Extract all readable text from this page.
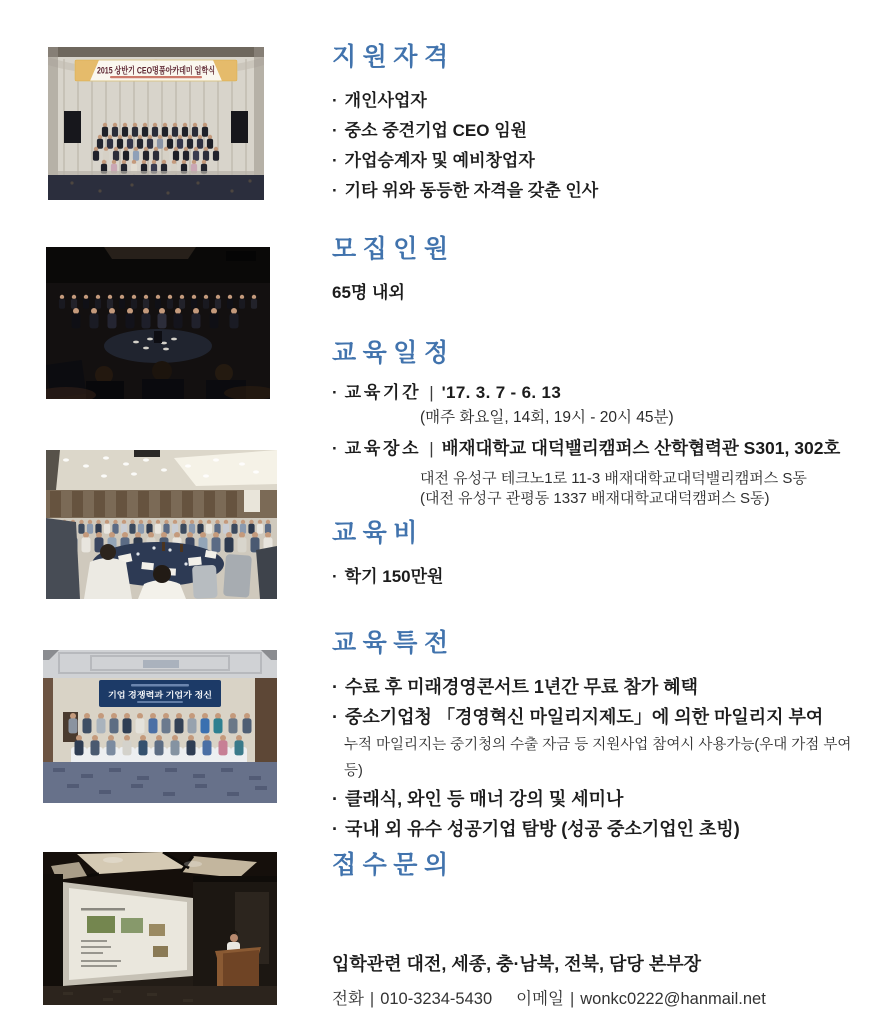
2015 상반기 CEO명품아카데미 입학식
기업 경쟁력과 기업가 정신
지원자격
· 개인사업자
· 중소 중견기업 CEO 임원
· 가업승계자 및 예비창업자
· 기타 위와 동등한 자격을 갖춘 인사
모집인원

65명 내외

교육일정
· 교육기간 | '17. 3. 7 - 6. 13
(매주 화요일, 14회, 19시 - 20시 45분)
· 교육장소 | 배재대학교 대덕밸리캠퍼스 산학협력관 S301, 302호
대전 유성구 테크노1로 11-3 배재대학교대덕밸리캠퍼스 S동
(대전 유성구 관평동 1337 배재대학교대덕캠퍼스 S동)
교육비

· 학기 150만원

교육특전
· 수료 후 미래경영콘서트 1년간 무료 참가 혜택
· 중소기업청 「경영혁신 마일리지제도」에 의한 마일리지 부여
누적 마일리지는 중기청의 수출 자금 등 지원사업 참여시 사용가능(우대 가점 부여 등)
· 클래식, 와인 등 매너 강의 및 세미나
· 국내 외 유수 성공기업 탐방 (성공 중소기업인 초빙)
접수문의

입학관련 대전, 세종, 충·남북, 전북, 담당 본부장

전화 | 010-3234-5430 이메일 | wonkc0222@hanmail.net
